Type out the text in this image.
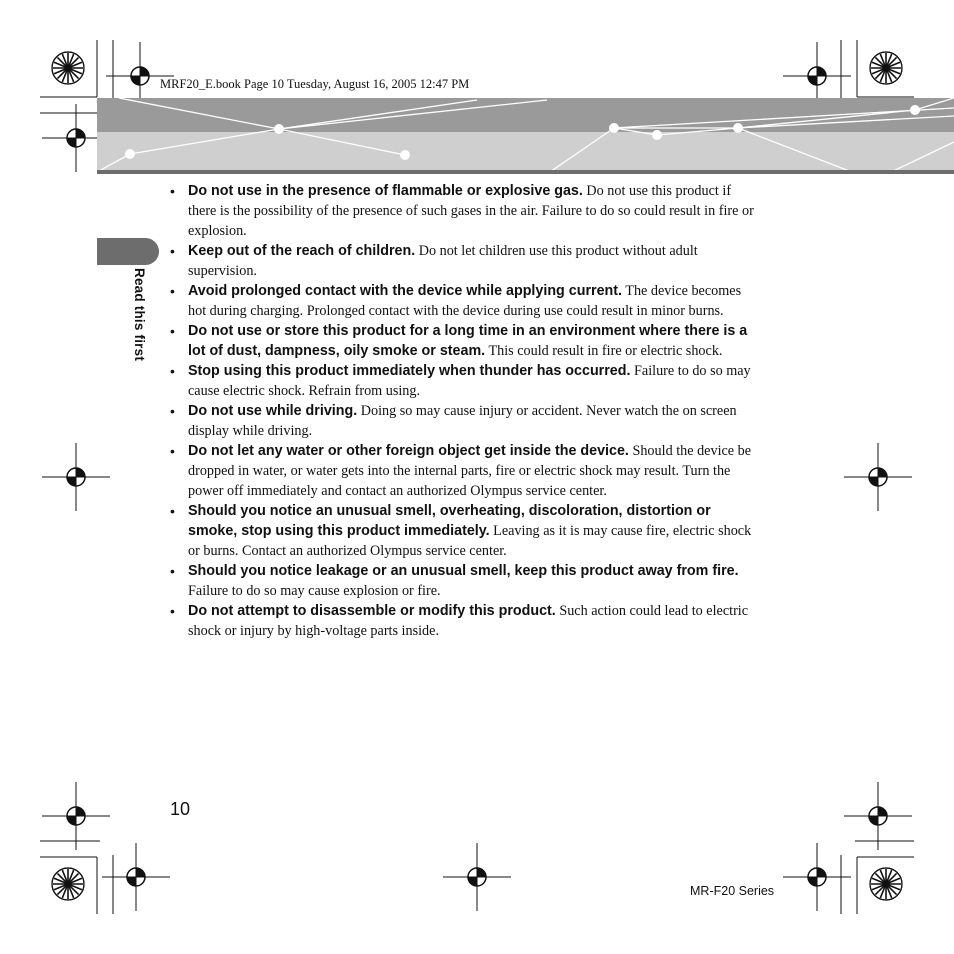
MRF20_E.book Page 10 Tuesday, August 16, 2005 12:47 PM
Read this first
• Do not use in the presence of flammable or explosive gas. Do not use this product if there is the possibility of the presence of such gases in the air. Failure to do so could result in fire or explosion.
• Keep out of the reach of children. Do not let children use this product without adult supervision.
• Avoid prolonged contact with the device while applying current. The device becomes hot during charging. Prolonged contact with the device during use could result in minor burns.
• Do not use or store this product for a long time in an environment where there is a lot of dust, dampness, oily smoke or steam. This could result in fire or electric shock.
• Stop using this product immediately when thunder has occurred. Failure to do so may cause electric shock. Refrain from using.
• Do not use while driving. Doing so may cause injury or accident. Never watch the on screen display while driving.
• Do not let any water or other foreign object get inside the device. Should the device be dropped in water, or water gets into the internal parts, fire or electric shock may result. Turn the power off immediately and contact an authorized Olympus service center.
• Should you notice an unusual smell, overheating, discoloration, distortion or smoke, stop using this product immediately. Leaving as it is may cause fire, electric shock or burns. Contact an authorized Olympus service center.
• Should you notice leakage or an unusual smell, keep this product away from fire. Failure to do so may cause explosion or fire.
• Do not attempt to disassemble or modify this product. Such action could lead to electric shock or injury by high-voltage parts inside.
10
MR-F20 Series
